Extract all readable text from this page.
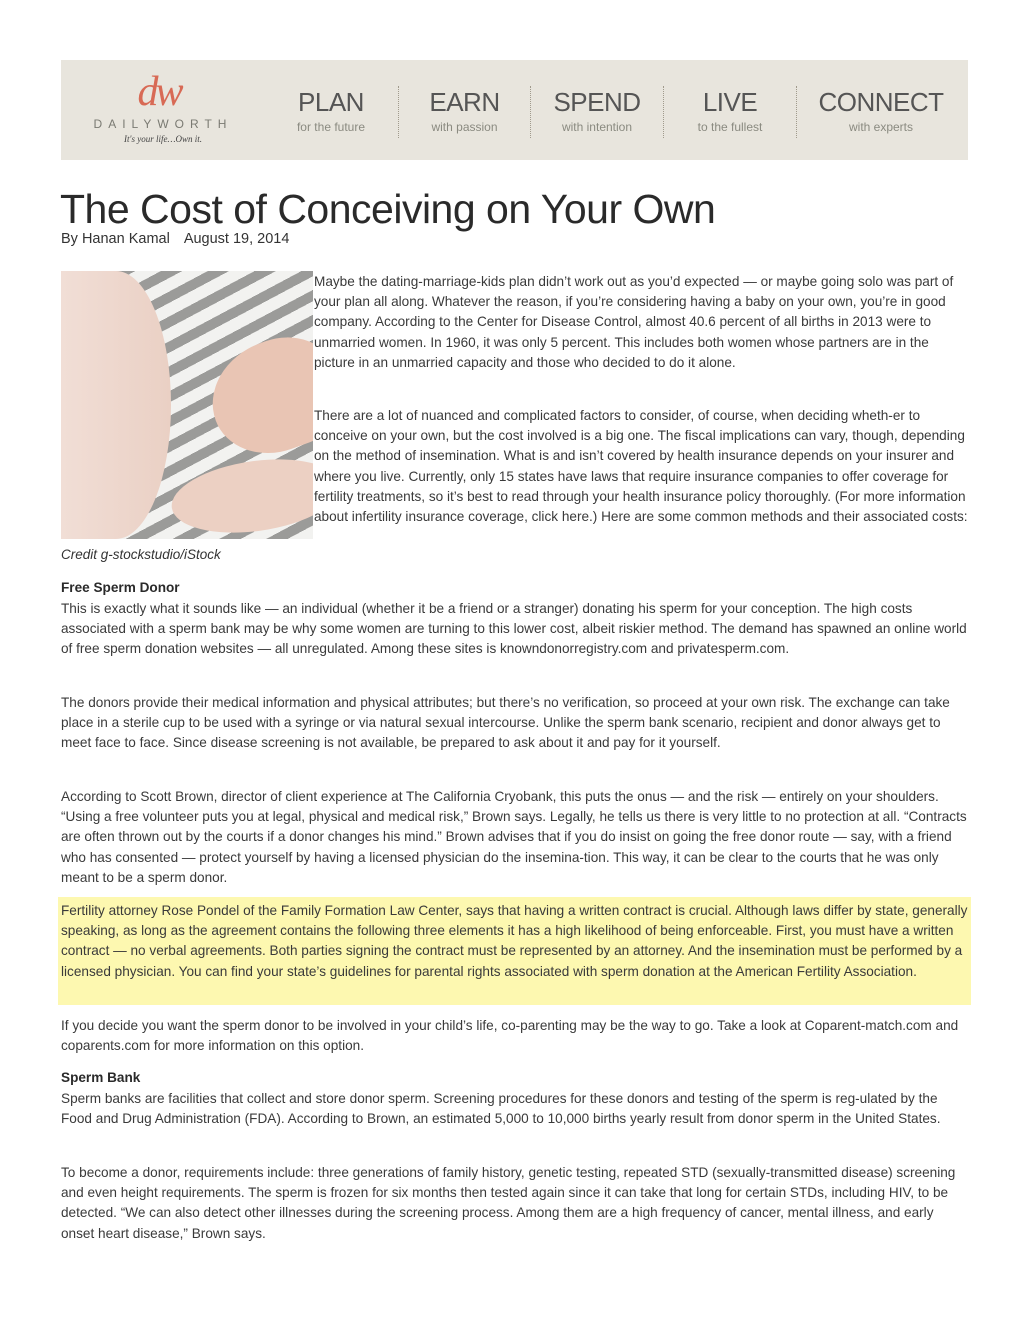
dw
DAILYWORTH
It's your life…Own it.
PLAN
for the future
EARN
with passion
SPEND
with intention
LIVE
to the fullest
CONNECT
with experts
The Cost of Conceiving on Your Own
By Hanan Kamal August 19, 2014
Credit g-stockstudio/iStock

Maybe the dating-marriage-kids plan didn’t work out as you’d expected — or maybe going solo was part of your plan all along. Whatever the reason, if you’re considering having a baby on your own, you’re in good company. According to the Center for Disease Control, almost 40.6 percent of all births in 2013 were to unmarried women. In 1960, it was only 5 percent. This includes both women whose partners are in the picture in an unmarried capacity and those who decided to do it alone.

There are a lot of nuanced and complicated factors to consider, of course, when deciding wheth-er to conceive on your own, but the cost involved is a big one. The fiscal implications can vary, though, depending on the method of insemination. What is and isn’t covered by health insurance depends on your insurer and where you live. Currently, only 15 states have laws that require insurance companies to offer coverage for fertility treatments, so it’s best to read through your health insurance policy thoroughly. (For more information about infertility insurance coverage, click here.) Here are some common methods and their associated costs:

Free Sperm Donor

This is exactly what it sounds like — an individual (whether it be a friend or a stranger) donating his sperm for your conception. The high costs associated with a sperm bank may be why some women are turning to this lower cost, albeit riskier method. The demand has spawned an online world of free sperm donation websites — all unregulated. Among these sites is knowndonorregistry.com and privatesperm.com.

The donors provide their medical information and physical attributes; but there’s no verification, so proceed at your own risk. The exchange can take place in a sterile cup to be used with a syringe or via natural sexual intercourse. Unlike the sperm bank scenario, recipient and donor always get to meet face to face. Since disease screening is not available, be prepared to ask about it and pay for it yourself.

According to Scott Brown, director of client experience at The California Cryobank, this puts the onus — and the risk — entirely on your shoulders. “Using a free volunteer puts you at legal, physical and medical risk,” Brown says. Legally, he tells us there is very little to no protection at all. “Contracts are often thrown out by the courts if a donor changes his mind.” Brown advises that if you do insist on going the free donor route — say, with a friend who has consented — protect yourself by having a licensed physician do the insemina-tion. This way, it can be clear to the courts that he was only meant to be a sperm donor.

Fertility attorney Rose Pondel of the Family Formation Law Center, says that having a written contract is crucial. Although laws differ by state, generally speaking, as long as the agreement contains the following three elements it has a high likelihood of being enforceable. First, you must have a written contract — no verbal agreements. Both parties signing the contract must be represented by an attorney. And the insemination must be performed by a licensed physician. You can find your state’s guidelines for parental rights associated with sperm donation at the American Fertility Association.

If you decide you want the sperm donor to be involved in your child’s life, co-parenting may be the way to go. Take a look at Coparent-match.com and coparents.com for more information on this option.

Sperm Bank

Sperm banks are facilities that collect and store donor sperm. Screening procedures for these donors and testing of the sperm is reg-ulated by the Food and Drug Administration (FDA). According to Brown, an estimated 5,000 to 10,000 births yearly result from donor sperm in the United States.

To become a donor, requirements include: three generations of family history, genetic testing, repeated STD (sexually-transmitted disease) screening and even height requirements. The sperm is frozen for six months then tested again since it can take that long for certain STDs, including HIV, to be detected. “We can also detect other illnesses during the screening process. Among them are a high frequency of cancer, mental illness, and early onset heart disease,” Brown says.
